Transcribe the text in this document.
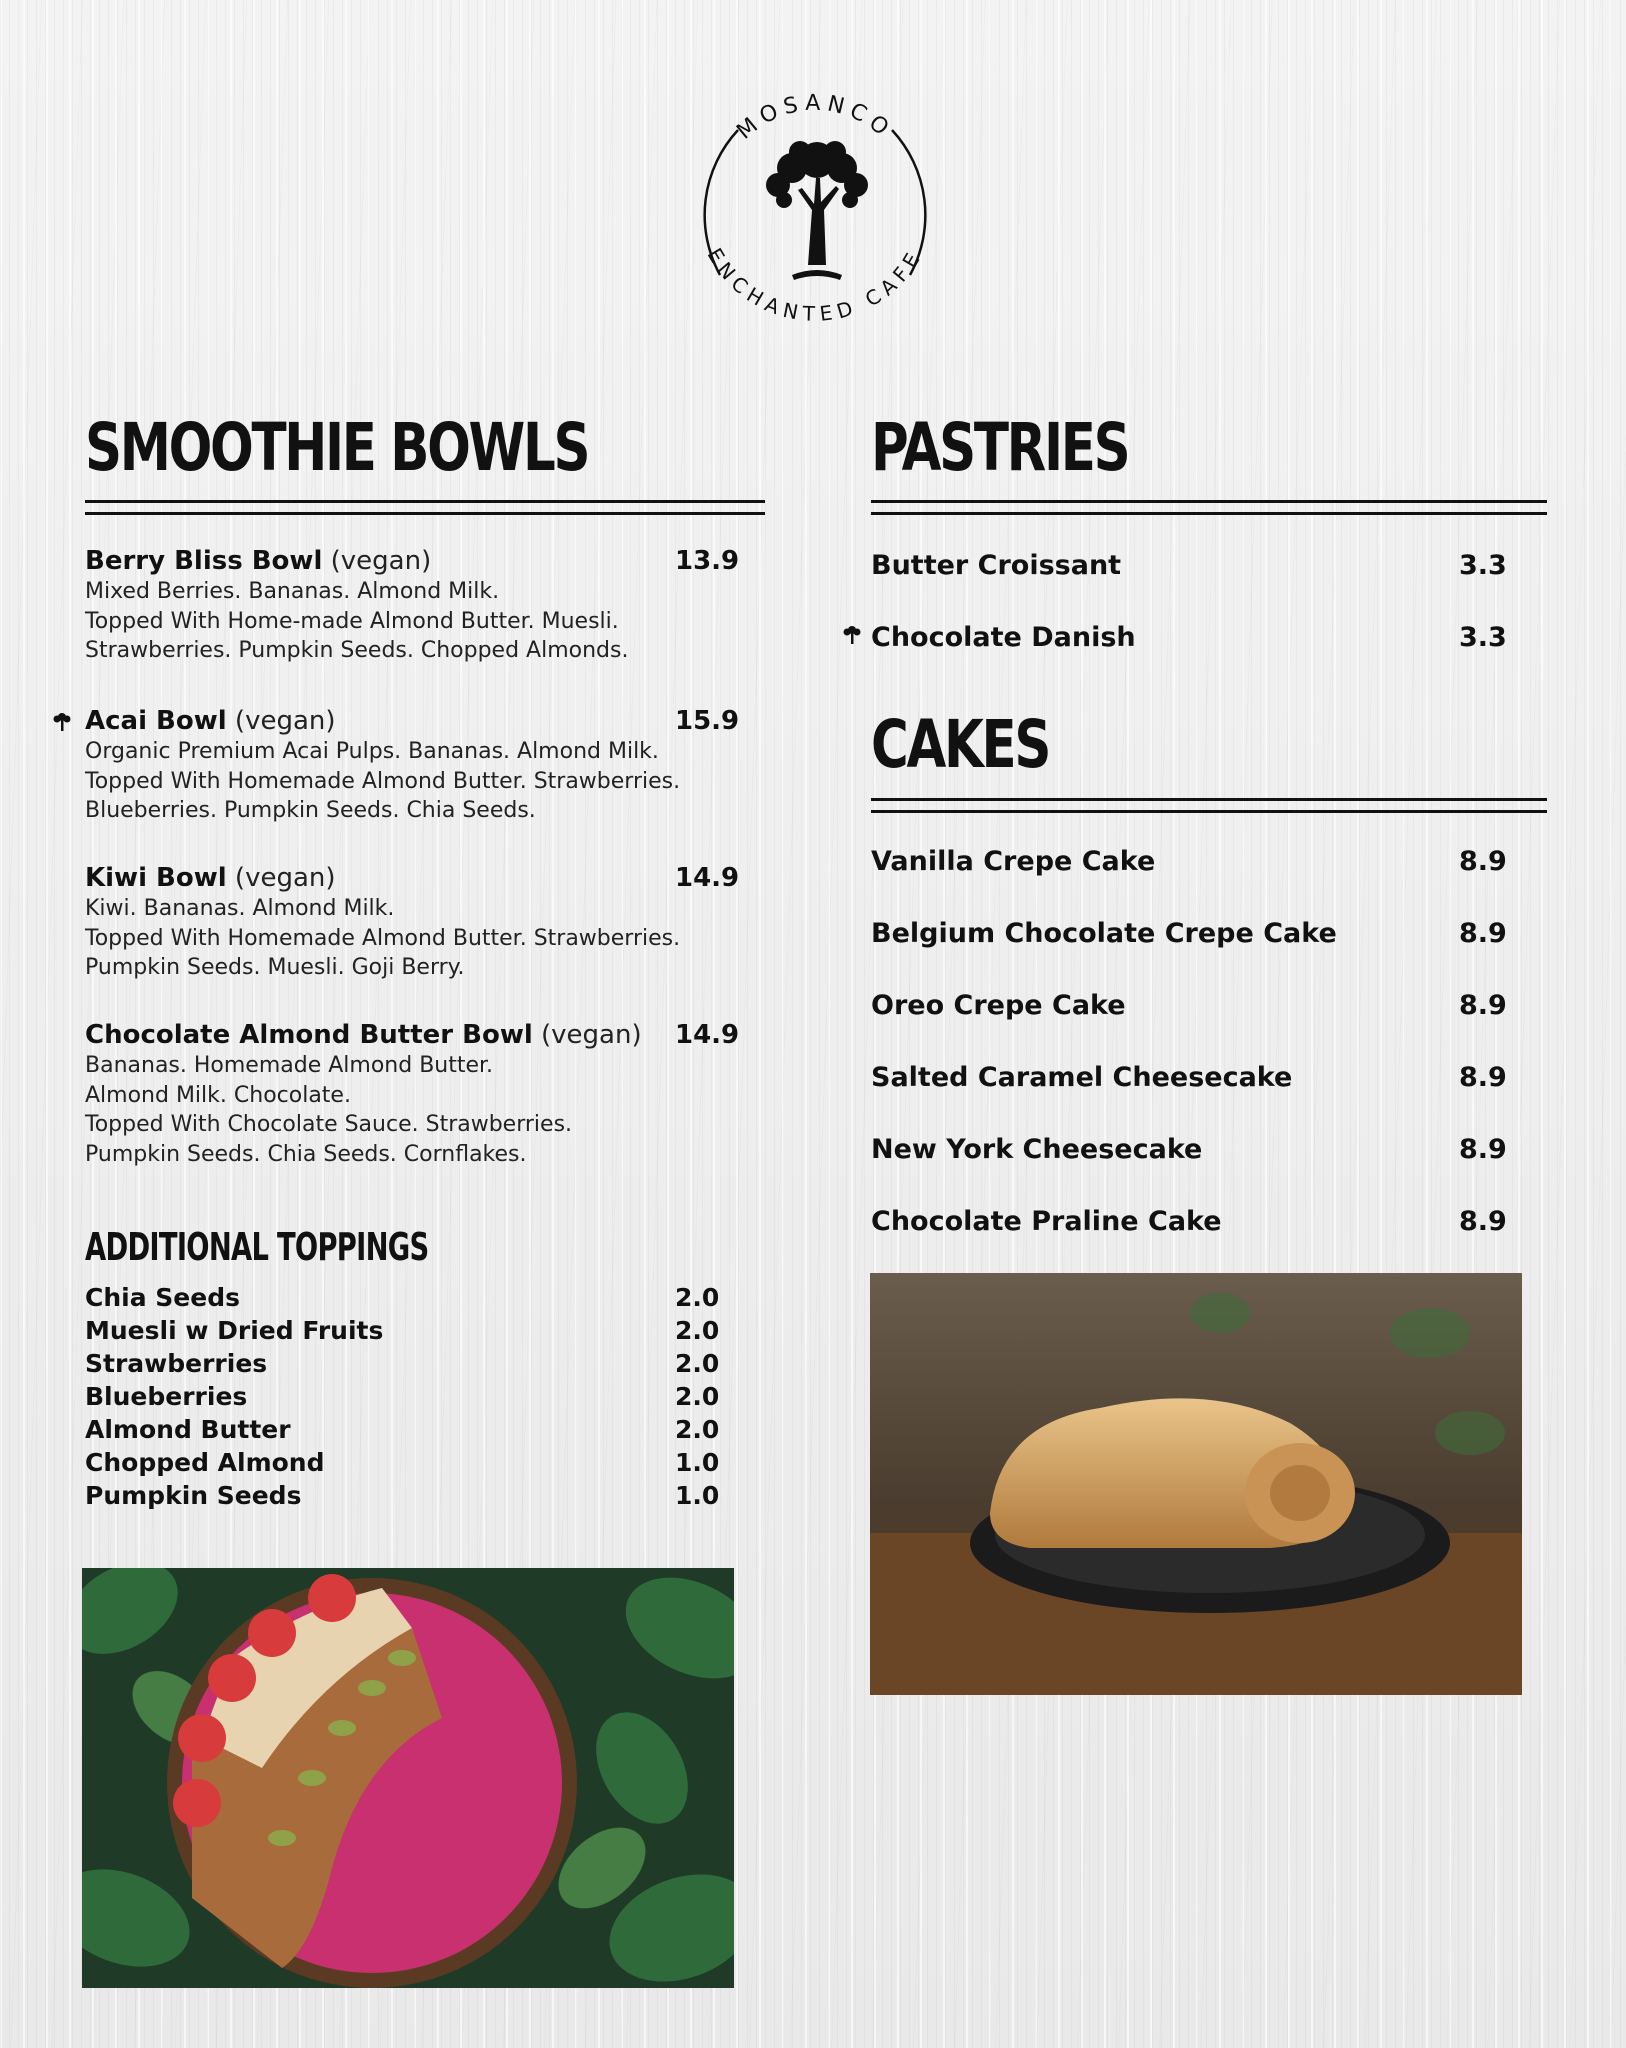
MOSANCO
ENCHANTED CAFE
SMOOTHIE BOWLS
Berry Bliss Bowl (vegan)	13.9
Mixed Berries. Bananas. Almond Milk.
Topped With Home-made Almond Butter. Muesli.
Strawberries. Pumpkin Seeds. Chopped Almonds.
Acai Bowl (vegan)	15.9
Organic Premium Acai Pulps. Bananas. Almond Milk.
Topped With Homemade Almond Butter. Strawberries.
Blueberries. Pumpkin Seeds. Chia Seeds.
Kiwi Bowl (vegan)	14.9
Kiwi. Bananas. Almond Milk.
Topped With Homemade Almond Butter. Strawberries.
Pumpkin Seeds. Muesli. Goji Berry.
Chocolate Almond Butter Bowl (vegan)	14.9
Bananas. Homemade Almond Butter.
Almond Milk. Chocolate.
Topped With Chocolate Sauce. Strawberries.
Pumpkin Seeds. Chia Seeds. Cornflakes.
ADDITIONAL TOPPINGS
Chia Seeds	2.0
Muesli w Dried Fruits	2.0
Strawberries	2.0
Blueberries	2.0
Almond Butter	2.0
Chopped Almond	1.0
Pumpkin Seeds	1.0
PASTRIES
Butter Croissant	3.3
Chocolate Danish	3.3
CAKES
Vanilla Crepe Cake	8.9
Belgium Chocolate Crepe Cake	8.9
Oreo Crepe Cake	8.9
Salted Caramel Cheesecake	8.9
New York Cheesecake	8.9
Chocolate Praline Cake	8.9
